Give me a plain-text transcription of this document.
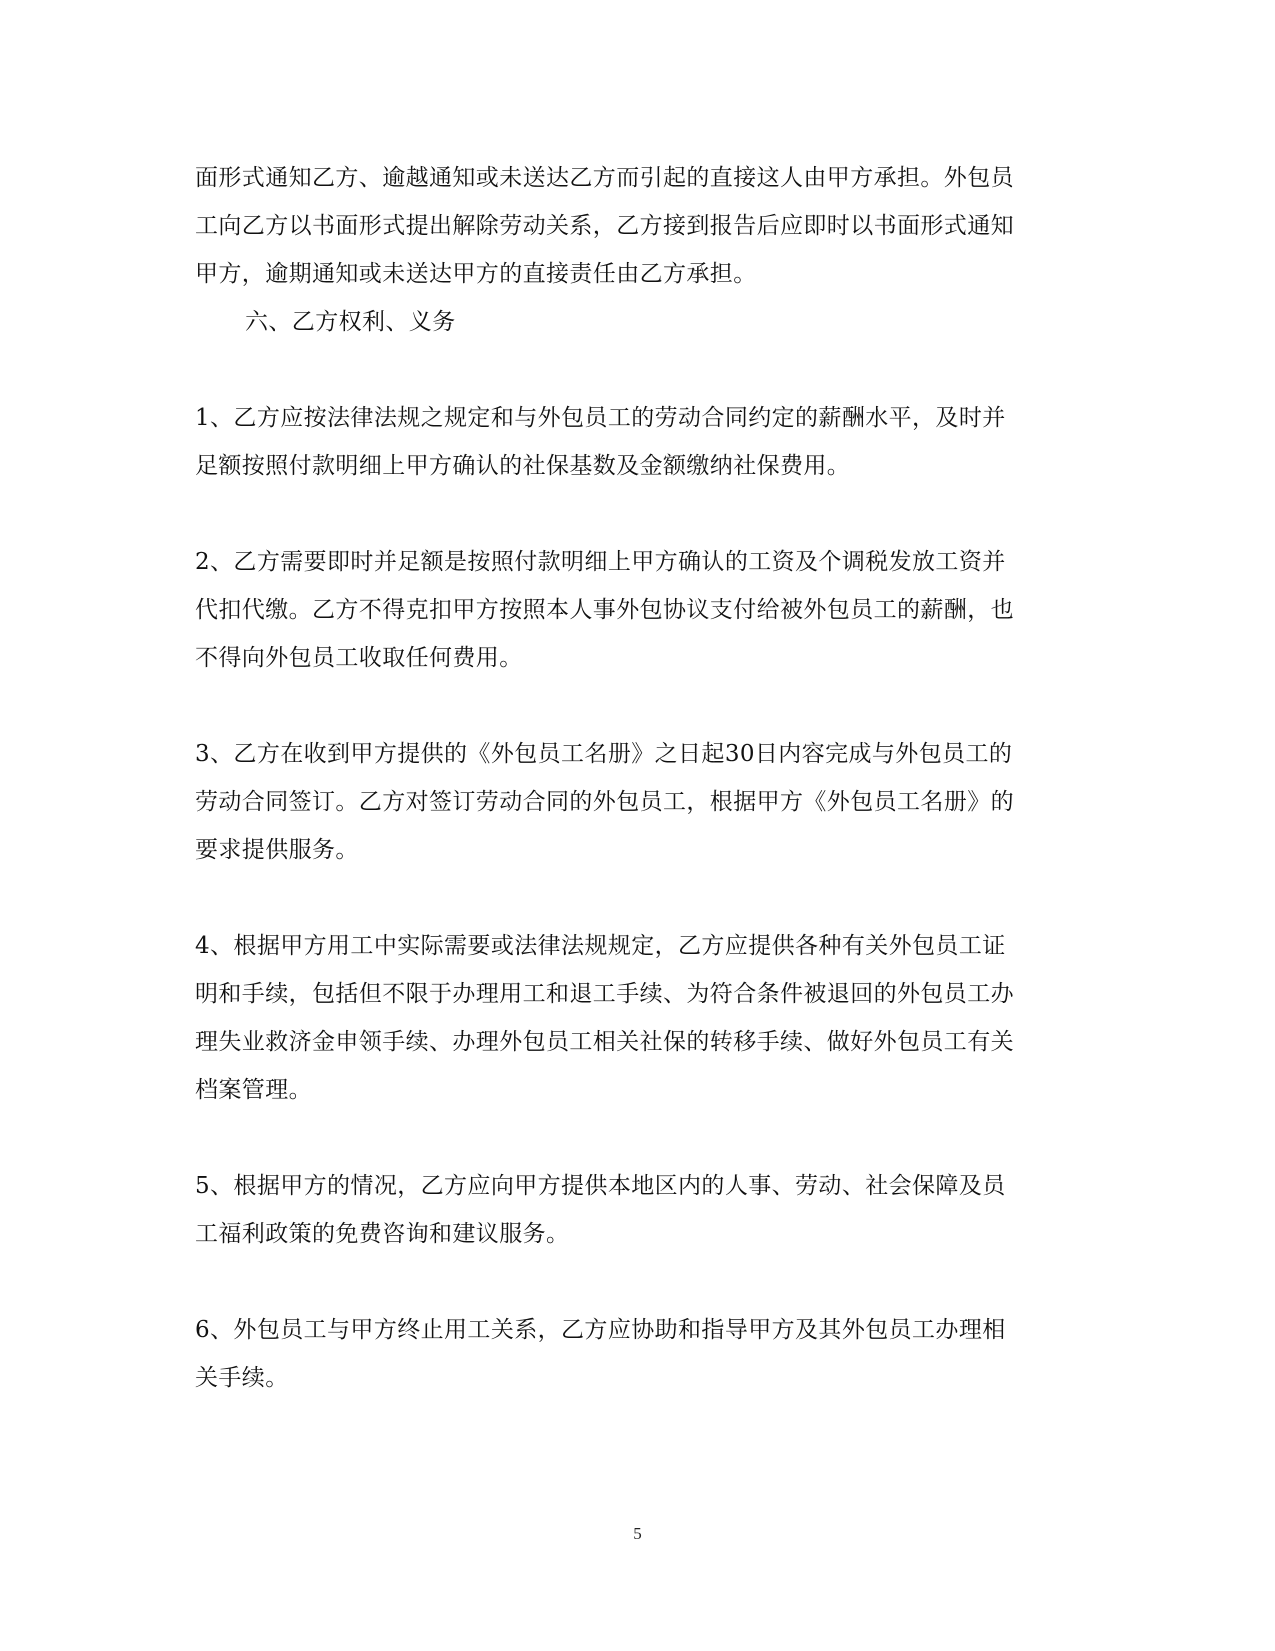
面形式通知乙方、逾越通知或未送达乙方而引起的直接这人由甲方承担。外包员
工向乙方以书面形式提出解除劳动关系，乙方接到报告后应即时以书面形式通知
甲方，逾期通知或未送达甲方的直接责任由乙方承担。
六、乙方权利、义务
1、乙方应按法律法规之规定和与外包员工的劳动合同约定的薪酬水平，及时并
足额按照付款明细上甲方确认的社保基数及金额缴纳社保费用。
2、乙方需要即时并足额是按照付款明细上甲方确认的工资及个调税发放工资并
代扣代缴。乙方不得克扣甲方按照本人事外包协议支付给被外包员工的薪酬，也
不得向外包员工收取任何费用。
3、乙方在收到甲方提供的《外包员工名册》之日起30日内容完成与外包员工的
劳动合同签订。乙方对签订劳动合同的外包员工，根据甲方《外包员工名册》的
要求提供服务。
4、根据甲方用工中实际需要或法律法规规定，乙方应提供各种有关外包员工证
明和手续，包括但不限于办理用工和退工手续、为符合条件被退回的外包员工办
理失业救济金申领手续、办理外包员工相关社保的转移手续、做好外包员工有关
档案管理。
5、根据甲方的情况，乙方应向甲方提供本地区内的人事、劳动、社会保障及员
工福利政策的免费咨询和建议服务。
6、外包员工与甲方终止用工关系，乙方应协助和指导甲方及其外包员工办理相
关手续。
5
